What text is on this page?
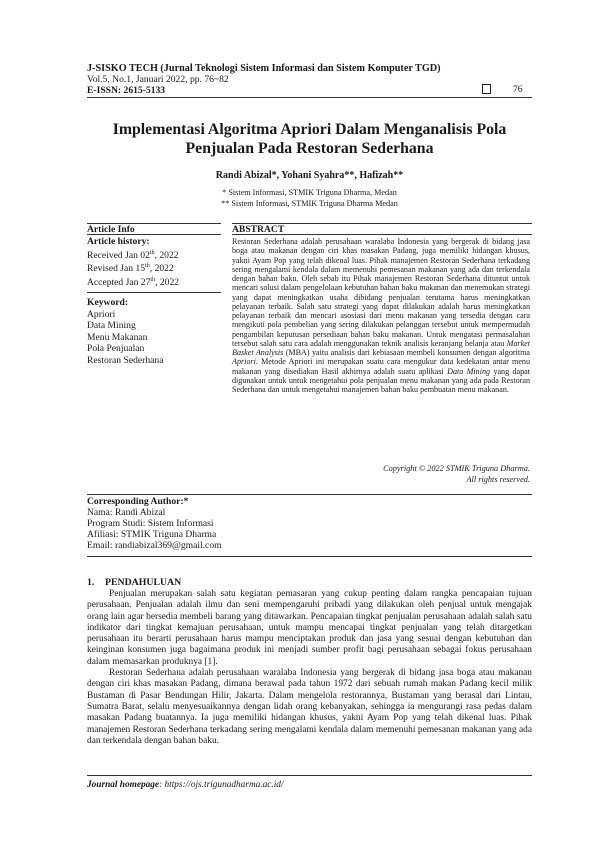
J-SISKO TECH (Jurnal Teknologi Sistem Informasi dan Sistem Komputer TGD)
Vol.5, No.1, Januari 2022, pp. 76~82
E-ISSN: 2615-5133	76
Implementasi Algoritma Apriori Dalam Menganalisis Pola
Penjualan Pada Restoran Sederhana
Randi Abizal*, Yohani Syahra**, Hafizah**
* Sistem Informasi, STMIK Triguna Dharma, Medan
** Sistem Informasi, STMIK Triguna Dharma Medan
Article Info	ABSTRACT
Article history:
Received Jan 02th, 2022
Revised Jan 15th, 2022
Accepted Jan 27th, 2022
Keyword:
Apriori
Data Mining
Menu Makanan
Pola Penjualan
Restoran Sederhana

Restoran Sederhana adalah perusahaan waralaba Indonesia yang bergerak di bidang jasa boga atau makanan dengan ciri khas masakan Padang, juga memiliki hidangan khusus, yakni Ayam Pop yang telah dikenal luas. Pihak manajemen Restoran Sederhana terkadang sering mengalami kendala dalam memenuhi pemesanan makanan yang ada dan terkendala dengan bahan baku. Oleh sebab itu Pihak manajemen Restoran Sederhana dituntut untuk mencari solusi dalam pengelolaan kebutuhan bahan baku makanan dan menemukan strategi yang dapat meningkatkan usaha dibidang penjualan terutama harus meningkatkan pelayanan terbaik. Salah satu strategi yang dapat dilakukan adalah harus meningkatkan pelayanan terbaik dan mencari asosiasi dari menu makanan yang tersedia dengan cara mengikuti pola pembelian yang sering dilakukan pelanggan tersebut untuk mempermudah pengambilan keputusan persediaan bahan baku makanan. Untuk mengatasi permasalahan tersebut salah satu cara adalah menggunakan teknik analisis keranjang belanja atau Market Basket Analysis (MBA) yaitu analisis dari kebiasaan membeli konsumen dengan algoritma Apriori. Metode Apriori ini merupakan suatu cara mengukur data kedekatan antar menu makanan yang disediakan Hasil akhirnya adalah suatu aplikasi Data Mining yang dapat digunakan untuk untuk mengetahui pola penjualan menu makanan yang ada pada Restoran Sederhana dan untuk mengetahui manajemen bahan baku pembuatan menu makanan.

Copyright © 2022 STMIK Triguna Dharma.
All rights reserved.
Corresponding Author:*
Nama: Randi Abizal
Program Studi: Sistem Informasi
Afiliasi: STMIK Triguna Dharma
Email: randiabizal369@gmail.com
1. PENDAHULUAN

Penjualan merupakan salah satu kegiatan pemasaran yang cukup penting dalam rangka pencapaian tujuan perusahaan. Penjualan adalah ilmu dan seni mempengaruhi pribadi yang dilakukan oleh penjual untuk mengajak orang lain agar bersedia membeli barang yang ditawarkan. Pencapaian tingkat penjualan perusahaan adalah salah satu indikator dari tingkat kemajuan perusahaan, untuk mampu mencapai tingkat penjualan yang telah ditargetkan perusahaan itu berarti perusahaan harus mampu menciptakan produk dan jasa yang sesuai dengan kebutuhan dan keinginan konsumen juga bagaimana produk ini menjadi sumber profit bagi perusahaan sebagai fokus perusahaan dalam memasarkan produknya [1].

Restoran Sederhana adalah perusahaan waralaba Indonesia yang bergerak di bidang jasa boga atau makanan dengan ciri khas masakan Padang, dimana berawal pada tahun 1972 dari sebuah rumah makan Padang kecil milik Bustaman di Pasar Bendungan Hilir, Jakarta. Dalam mengelola restorannya, Bustaman yang berasal dari Lintau, Sumatra Barat, selalu menyesuaikannya dengan lidah orang kebanyakan, sehingga ia mengurangi rasa pedas dalam masakan Padang buatannya. Ia juga memiliki hidangan khusus, yakni Ayam Pop yang telah dikenal luas. Pihak manajemen Restoran Sederhana terkadang sering mengalami kendala dalam memenuhi pemesanan makanan yang ada dan terkendala dengan bahan baku.

Journal homepage: https://ojs.trigunadharma.ac.id/
